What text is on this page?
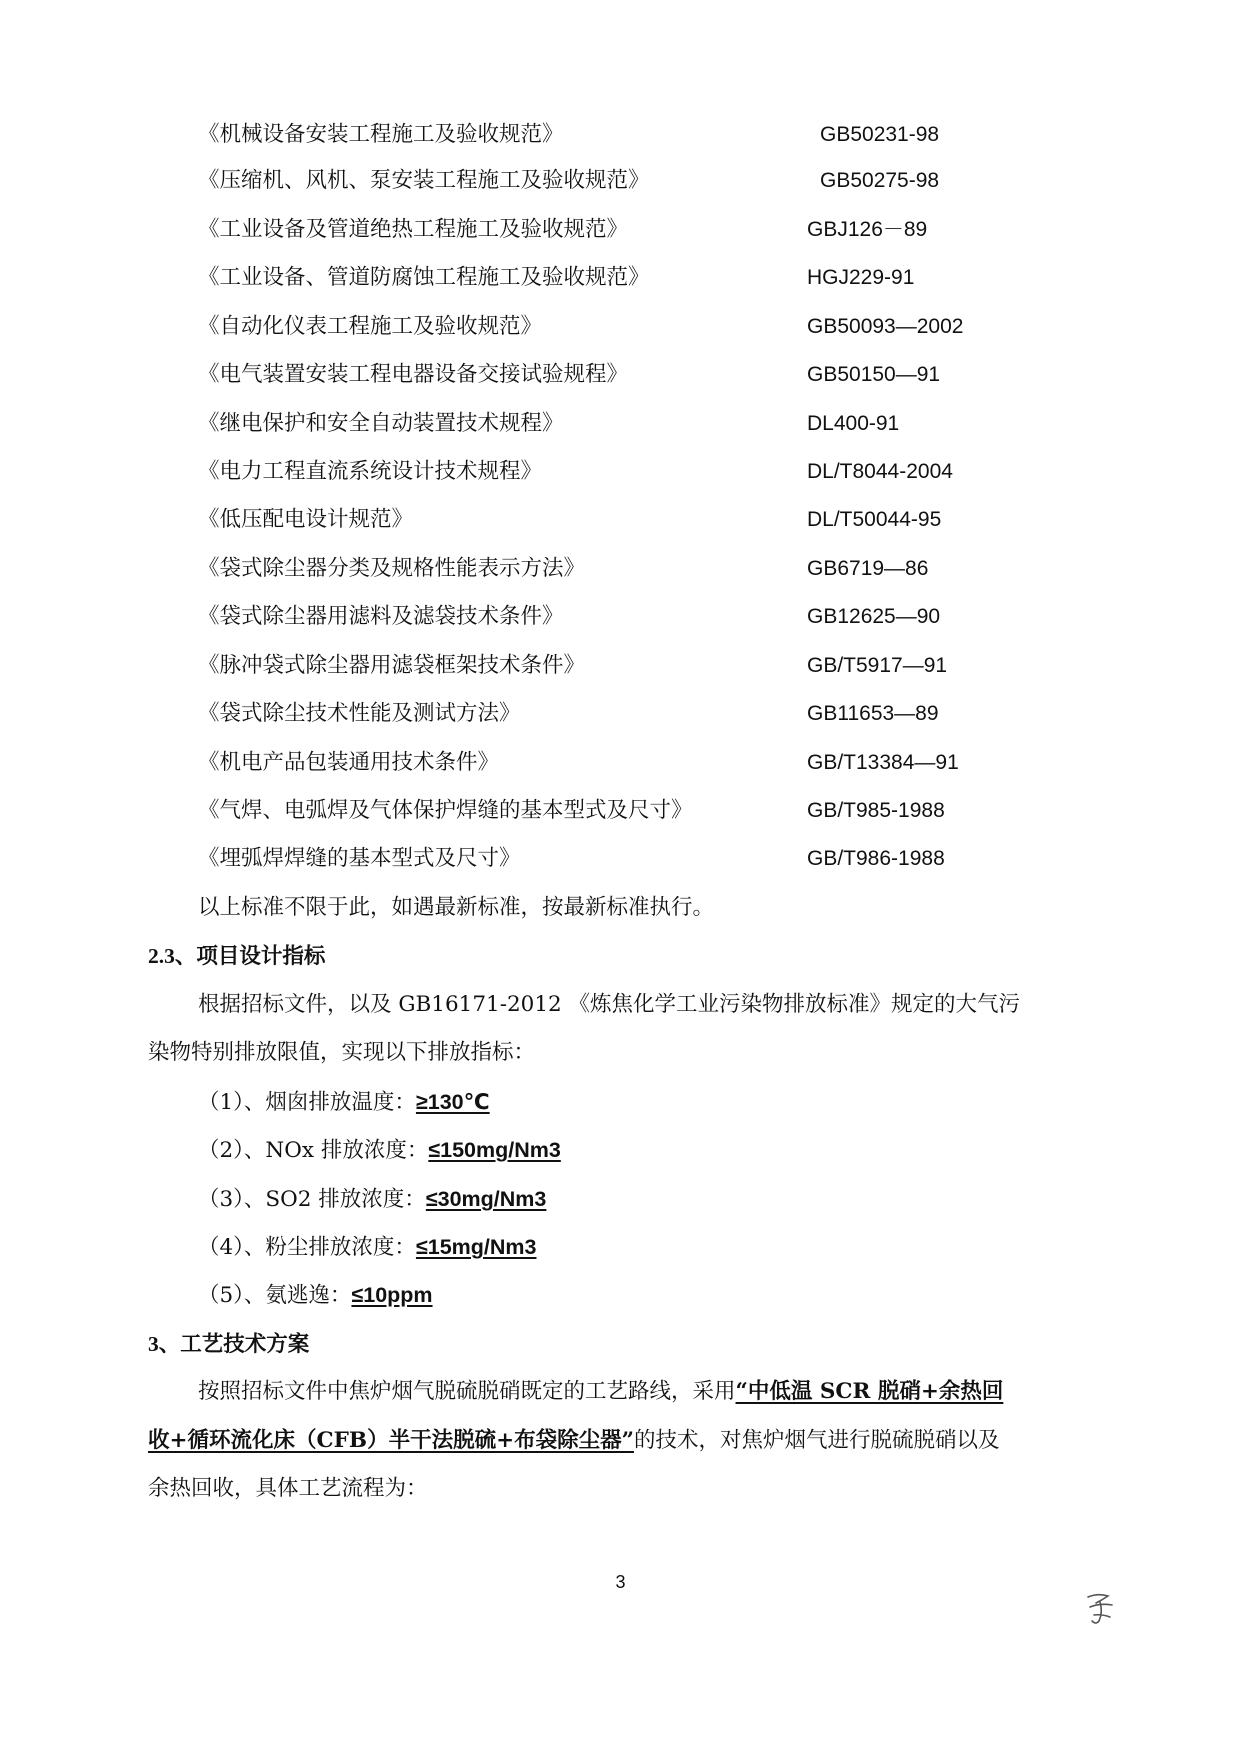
《机械设备安装工程施工及验收规范》	GB50231-98
《压缩机、风机、泵安装工程施工及验收规范》	GB50275-98
《工业设备及管道绝热工程施工及验收规范》	GBJ126－89
《工业设备、管道防腐蚀工程施工及验收规范》	HGJ229-91
《自动化仪表工程施工及验收规范》	GB50093—2002
《电气装置安装工程电器设备交接试验规程》	GB50150—91
《继电保护和安全自动装置技术规程》	DL400-91
《电力工程直流系统设计技术规程》	DL/T8044-2004
《低压配电设计规范》	DL/T50044-95
《袋式除尘器分类及规格性能表示方法》	GB6719—86
《袋式除尘器用滤料及滤袋技术条件》	GB12625—90
《脉冲袋式除尘器用滤袋框架技术条件》	GB/T5917—91
《袋式除尘技术性能及测试方法》	GB11653—89
《机电产品包装通用技术条件》	GB/T13384—91
《气焊、电弧焊及气体保护焊缝的基本型式及尺寸》	GB/T985-1988
《埋弧焊焊缝的基本型式及尺寸》	GB/T986-1988
以上标准不限于此，如遇最新标准，按最新标准执行。
2.3、项目设计指标
根据招标文件，以及 GB16171-2012 《炼焦化学工业污染物排放标准》规定的大气污
染物特别排放限值，实现以下排放指标：
（1）、烟囱排放温度：≥130℃
（2）、NOx 排放浓度：≤150mg/Nm3
（3）、SO2 排放浓度：≤30mg/Nm3
（4）、粉尘排放浓度：≤15mg/Nm3
（5）、氨逃逸：≤10ppm
3、工艺技术方案
按照招标文件中焦炉烟气脱硫脱硝既定的工艺路线，采用“中低温 SCR 脱硝+余热回
收+循环流化床（CFB）半干法脱硫+布袋除尘器”的技术，对焦炉烟气进行脱硫脱硝以及
余热回收，具体工艺流程为：
3
